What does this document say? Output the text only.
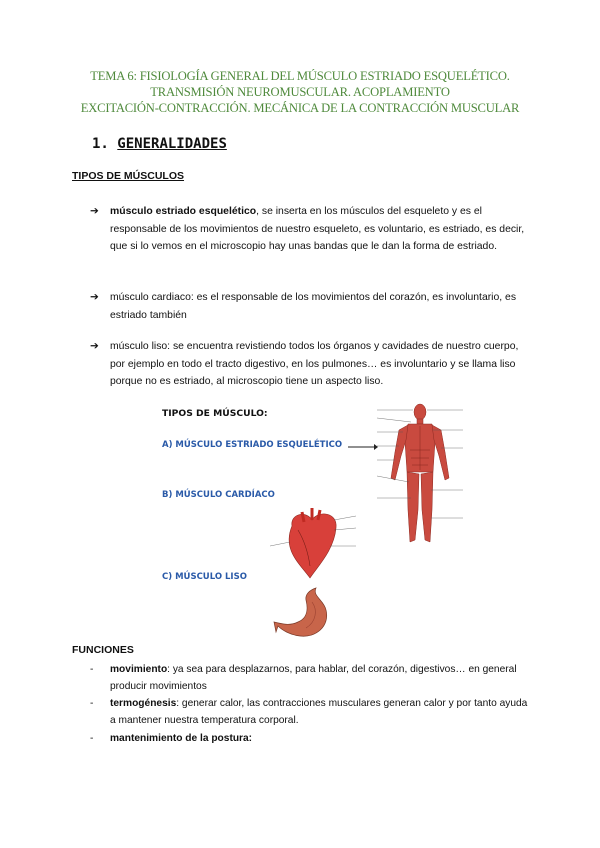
TEMA 6: FISIOLOGÍA GENERAL DEL MÚSCULO ESTRIADO ESQUELÉTICO.
TRANSMISIÓN NEUROMUSCULAR. ACOPLAMIENTO
EXCITACIÓN-CONTRACCIÓN. MECÁNICA DE LA CONTRACCIÓN MUSCULAR
1. GENERALIDADES
TIPOS DE MÚSCULOS
➔ músculo estriado esquelético, se inserta en los músculos del esqueleto y es el responsable de los movimientos de nuestro esqueleto, es voluntario, es estriado, es decir, que si lo vemos en el microscopio hay unas bandas que le dan la forma de estriado.

➔ músculo cardiaco: es el responsable de los movimientos del corazón, es involuntario, es estriado también

➔ músculo liso: se encuentra revistiendo todos los órganos y cavidades de nuestro cuerpo, por ejemplo en todo el tracto digestivo, en los pulmones… es involuntario y se llama liso porque no es estriado, al microscopio tiene un aspecto liso.

TIPOS DE MÚSCULO:
A) MÚSCULO ESTRIADO ESQUELÉTICO
B) MÚSCULO CARDÍACO
C) MÚSCULO LISO
FUNCIONES
- movimiento: ya sea para desplazarnos, para hablar, del corazón, digestivos… en general producir movimientos

- termogénesis: generar calor, las contracciones musculares generan calor y por tanto ayuda a mantener nuestra temperatura corporal.

- mantenimiento de la postura:
